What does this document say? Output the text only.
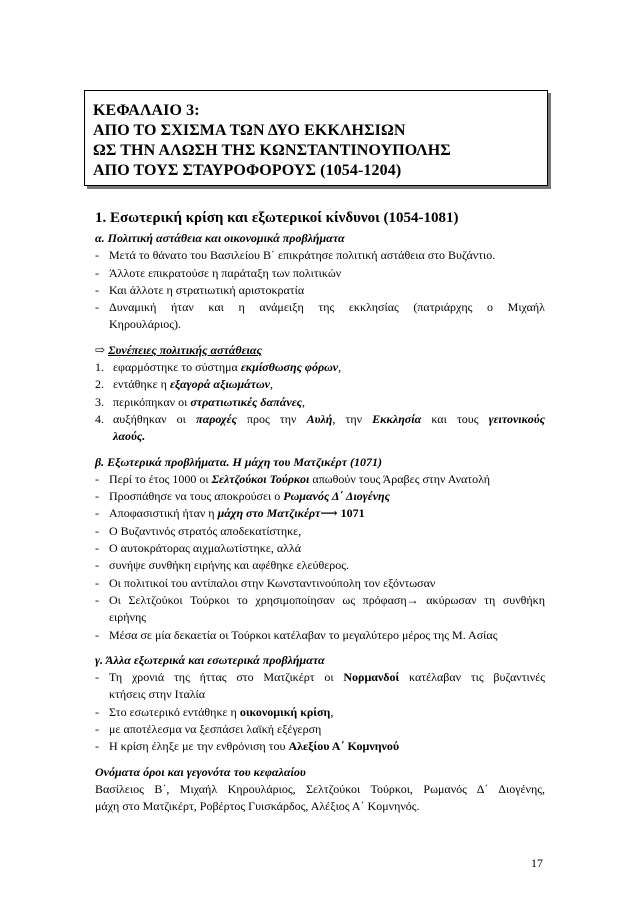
ΚΕΦΑΛΑΙΟ 3:
ΑΠΟ ΤΟ ΣΧΙΣΜΑ ΤΩΝ ΔΥΟ ΕΚΚΛΗΣΙΩΝ
ΩΣ ΤΗΝ ΑΛΩΣΗ ΤΗΣ ΚΩΝΣΤΑΝΤΙΝΟΥΠΟΛΗΣ
ΑΠΟ ΤΟΥΣ ΣΤΑΥΡΟΦΟΡΟΥΣ (1054-1204)
1. Εσωτερική κρίση και εξωτερικοί κίνδυνοι (1054-1081)
α. Πολιτική αστάθεια και οικονομικά προβλήματα
- Μετά το θάνατο του Βασιλείου Β΄ επικράτησε πολιτική αστάθεια στο Βυζάντιο.
- Άλλοτε επικρατούσε η παράταξη των πολιτικών
- Και άλλοτε η στρατιωτική αριστοκρατία
- Δυναμική ήταν και η ανάμειξη της εκκλησίας (πατριάρχης ο Μιχαήλ
Κηρουλάριος).
⇨ Συνέπειες πολιτικής αστάθειας
1. εφαρμόστηκε το σύστημα εκμίσθωσης φόρων,
2. εντάθηκε η εξαγορά αξιωμάτων,
3. περικόπηκαν οι στρατιωτικές δαπάνες,
4. αυξήθηκαν οι παροχές προς την Αυλή, την Εκκλησία και τους γειτονικούς
λαούς.
β. Εξωτερικά προβλήματα. Η μάχη του Ματζικέρτ (1071)
- Περί το έτος 1000 οι Σελτζούκοι Τούρκοι απωθούν τους Άραβες στην Ανατολή
- Προσπάθησε να τους αποκρούσει ο Ρωμανός Δ΄ Διογένης
- Αποφασιστική ήταν η μάχη στο Ματζικέρτ⟶ 1071
- Ο Βυζαντινός στρατός αποδεκατίστηκε,
- Ο αυτοκράτορας αιχμαλωτίστηκε, αλλά
- συνήψε συνθήκη ειρήνης και αφέθηκε ελεύθερος.
- Οι πολιτικοί του αντίπαλοι στην Κωνσταντινούπολη τον εξόντωσαν
- Οι Σελτζούκοι Τούρκοι το χρησιμοποίησαν ως πρόφαση→ ακύρωσαν τη συνθήκη
ειρήνης
- Μέσα σε μία δεκαετία οι Τούρκοι κατέλαβαν το μεγαλύτερο μέρος της Μ. Ασίας
γ. Άλλα εξωτερικά και εσωτερικά προβλήματα
- Τη χρονιά της ήττας στο Ματζικέρτ οι Νορμανδοί κατέλαβαν τις βυζαντινές
κτήσεις στην Ιταλία
- Στο εσωτερικό εντάθηκε η οικονομική κρίση,
- με αποτέλεσμα να ξεσπάσει λαϊκή εξέγερση
- Η κρίση έληξε με την ενθρόνιση του Αλεξίου Α΄ Κομνηνού
Ονόματα όροι και γεγονότα του κεφαλαίου
Βασίλειος Β΄, Μιχαήλ Κηρουλάριος, Σελτζούκοι Τούρκοι, Ρωμανός Δ΄ Διογένης,
μάχη στο Ματζικέρτ, Ροβέρτος Γυισκάρδος, Αλέξιος Α΄ Κομνηνός.
17
